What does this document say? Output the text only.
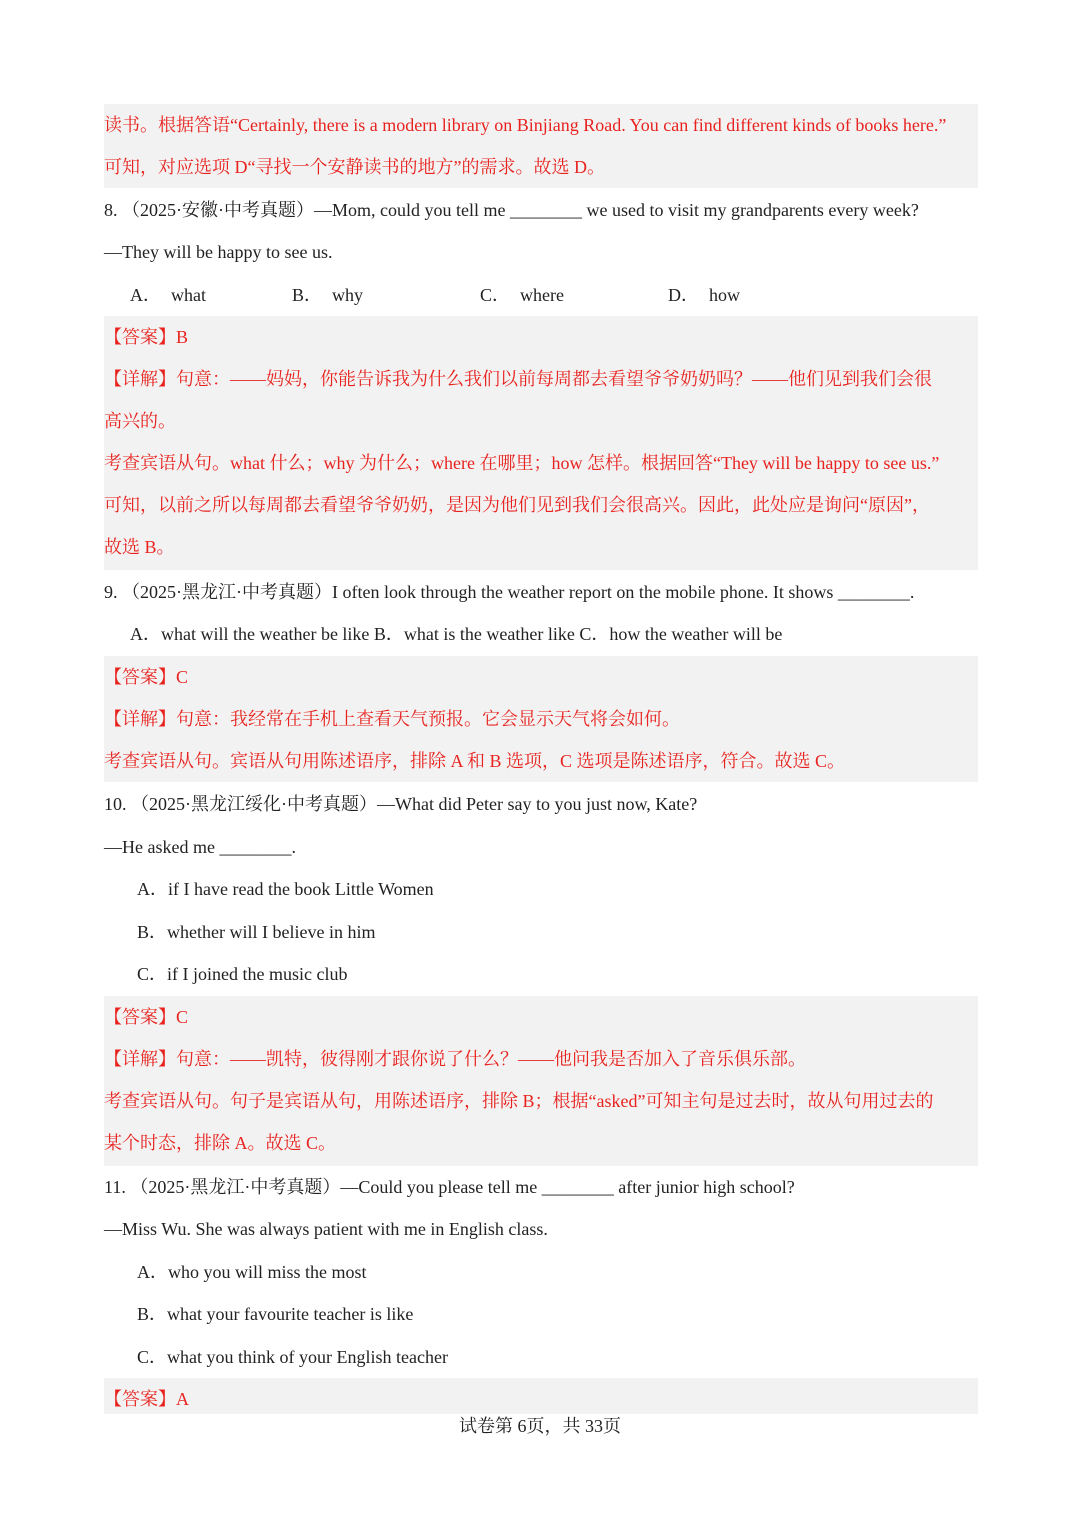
读书。根据答语“Certainly, there is a modern library on Binjiang Road. You can find different kinds of books here.”
可知，对应选项 D“寻找一个安静读书的地方”的需求。故选 D。
8. （2025·安徽·中考真题）—Mom, could you tell me ________ we used to visit my grandparents every week?
—They will be happy to see us.
A． what	B． why	C． where	D． how
【答案】B
【详解】句意：——妈妈，你能告诉我为什么我们以前每周都去看望爷爷奶奶吗？——他们见到我们会很
高兴的。
考查宾语从句。what 什么；why 为什么；where 在哪里；how 怎样。根据回答“They will be happy to see us.”
可知，以前之所以每周都去看望爷爷奶奶，是因为他们见到我们会很高兴。因此，此处应是询问“原因”，
故选 B。
9. （2025·黑龙江·中考真题）I often look through the weather report on the mobile phone. It shows ________.
A．what will the weather be like B．what is the weather like C．how the weather will be
【答案】C
【详解】句意：我经常在手机上查看天气预报。它会显示天气将会如何。
考查宾语从句。宾语从句用陈述语序，排除 A 和 B 选项，C 选项是陈述语序，符合。故选 C。
10. （2025·黑龙江绥化·中考真题）—What did Peter say to you just now, Kate?
—He asked me ________.
A．if I have read the book Little Women
B．whether will I believe in him
C．if I joined the music club
【答案】C
【详解】句意：——凯特，彼得刚才跟你说了什么？——他问我是否加入了音乐俱乐部。
考查宾语从句。句子是宾语从句，用陈述语序，排除 B；根据“asked”可知主句是过去时，故从句用过去的
某个时态，排除 A。故选 C。
11. （2025·黑龙江·中考真题）—Could you please tell me ________ after junior high school?
—Miss Wu. She was always patient with me in English class.
A．who you will miss the most
B．what your favourite teacher is like
C．what you think of your English teacher
【答案】A
试卷第 6页，共 33页
